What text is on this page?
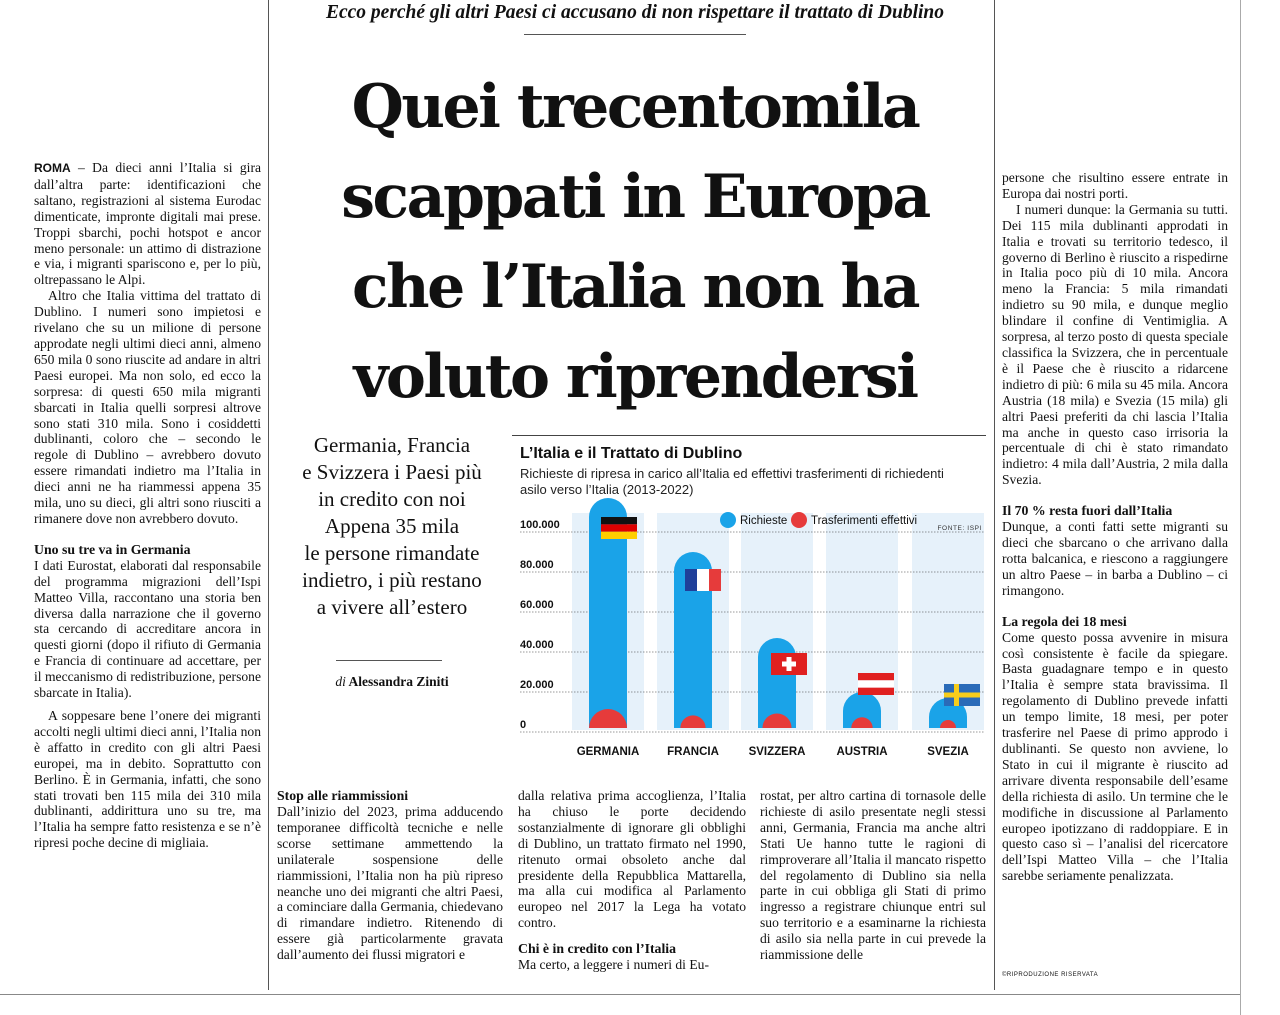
Ecco perché gli altri Paesi ci accusano di non rispettare il trattato di Dublino
Quei trecentomila
scappati in Europa
che l’Italia non ha
voluto riprendersi

ROMA – Da dieci anni l’Italia si gira dall’altra parte: identificazioni che saltano, registrazioni al sistema Eurodac dimenticate, impronte digitali mai prese. Troppi sbarchi, pochi hotspot e ancor meno personale: un attimo di distrazione e via, i migranti spariscono e, per lo più, oltrepassano le Alpi.

Altro che Italia vittima del trattato di Dublino. I numeri sono impietosi e rivelano che su un milione di persone approdate negli ultimi dieci anni, almeno 650 mila 0 sono riuscite ad andare in altri Paesi europei. Ma non solo, ed ecco la sorpresa: di questi 650 mila migranti sbarcati in Italia quelli sorpresi altrove sono stati 310 mila. Sono i cosiddetti dublinanti, coloro che – secondo le regole di Dublino – avrebbero dovuto essere rimandati indietro ma l’Italia in dieci anni ne ha riammessi appena 35 mila, uno su dieci, gli altri sono riusciti a rimanere dove non avrebbero dovuto.

Uno su tre va in Germania

I dati Eurostat, elaborati dal responsabile del programma migrazioni dell’Ispi Matteo Villa, raccontano una storia ben diversa dalla narrazione che il governo sta cercando di accreditare ancora in questi giorni (dopo il rifiuto di Germania e Francia di continuare ad accettare, per il meccanismo di redistribuzione, persone sbarcate in Italia).

A soppesare bene l’onere dei migranti accolti negli ultimi dieci anni, l’Italia non è affatto in credito con gli altri Paesi europei, ma in debito. Soprattutto con Berlino. È in Germania, infatti, che sono stati trovati ben 115 mila dei 310 mila dublinanti, addirittura uno su tre, ma l’Italia ha sempre fatto resistenza e se n’è ripresi poche decine di migliaia.

Germania, Francia
e Svizzera i Paesi più
in credito con noi
Appena 35 mila
le persone rimandate
indietro, i più restano
a vivere all’estero
di Alessandra Ziniti
L’Italia e il Trattato di Dublino
Richieste di ripresa in carico all’Italia ed effettivi trasferimenti di richiedenti asilo verso l’Italia (2013-2022)
100.000
80.000
60.000
40.000
20.000
0
GERMANIA FRANCIA	SVIZZERA	AUSTRIA	SVEZIA
Richieste Trasferimenti effettivi
FONTE: ISPI

Stop alle riammissioni

Dall’inizio del 2023, prima adducendo temporanee difficoltà tecniche e nelle scorse settimane ammettendo la unilaterale sospensione delle riammissioni, l’Italia non ha più ripreso neanche uno dei migranti che altri Paesi, a cominciare dalla Germania, chiedevano di rimandare indietro. Ritenendo di essere già particolarmente gravata dall’aumento dei flussi migratori e

dalla relativa prima accoglienza, l’Italia ha chiuso le porte decidendo sostanzialmente di ignorare gli obblighi di Dublino, un trattato firmato nel 1990, ritenuto ormai obsoleto anche dal presidente della Repubblica Mattarella, ma alla cui modifica al Parlamento europeo nel 2017 la Lega ha votato contro.

Chi è in credito con l’Italia

Ma certo, a leggere i numeri di Eu-

rostat, per altro cartina di tornasole delle richieste di asilo presentate negli stessi anni, Germania, Francia ma anche altri Stati Ue hanno tutte le ragioni di rimproverare all’Italia il mancato rispetto del regolamento di Dublino sia nella parte in cui obbliga gli Stati di primo ingresso a registrare chiunque entri sul suo territorio e a esaminarne la richiesta di asilo sia nella parte in cui prevede la riammissione delle

persone che risultino essere entrate in Europa dai nostri porti.

I numeri dunque: la Germania su tutti. Dei 115 mila dublinanti approdati in Italia e trovati su territorio tedesco, il governo di Berlino è riuscito a rispedirne in Italia poco più di 10 mila. Ancora meno la Francia: 5 mila rimandati indietro su 90 mila, e dunque meglio blindare il confine di Ventimiglia. A sorpresa, al terzo posto di questa speciale classifica la Svizzera, che in percentuale è il Paese che è riuscito a ridarcene indietro di più: 6 mila su 45 mila. Ancora Austria (18 mila) e Svezia (15 mila) gli altri Paesi preferiti da chi lascia l’Italia ma anche in questo caso irrisoria la percentuale di chi è stato rimandato indietro: 4 mila dall’Austria, 2 mila dalla Svezia.

Il 70 % resta fuori dall’Italia

Dunque, a conti fatti sette migranti su dieci che sbarcano o che arrivano dalla rotta balcanica, e riescono a raggiungere un altro Paese – in barba a Dublino – ci rimangono.

La regola dei 18 mesi

Come questo possa avvenire in misura così consistente è facile da spiegare. Basta guadagnare tempo e in questo l’Italia è sempre stata bravissima. Il regolamento di Dublino prevede infatti un tempo limite, 18 mesi, per poter trasferire nel Paese di primo approdo i dublinanti. Se questo non avviene, lo Stato in cui il migrante è riuscito ad arrivare diventa responsabile dell’esame della richiesta di asilo. Un termine che le modifiche in discussione al Parlamento europeo ipotizzano di raddoppiare. E in questo caso sì – l’analisi del ricercatore dell’Ispi Matteo Villa – che l’Italia sarebbe seriamente penalizzata.

©RIPRODUZIONE RISERVATA
